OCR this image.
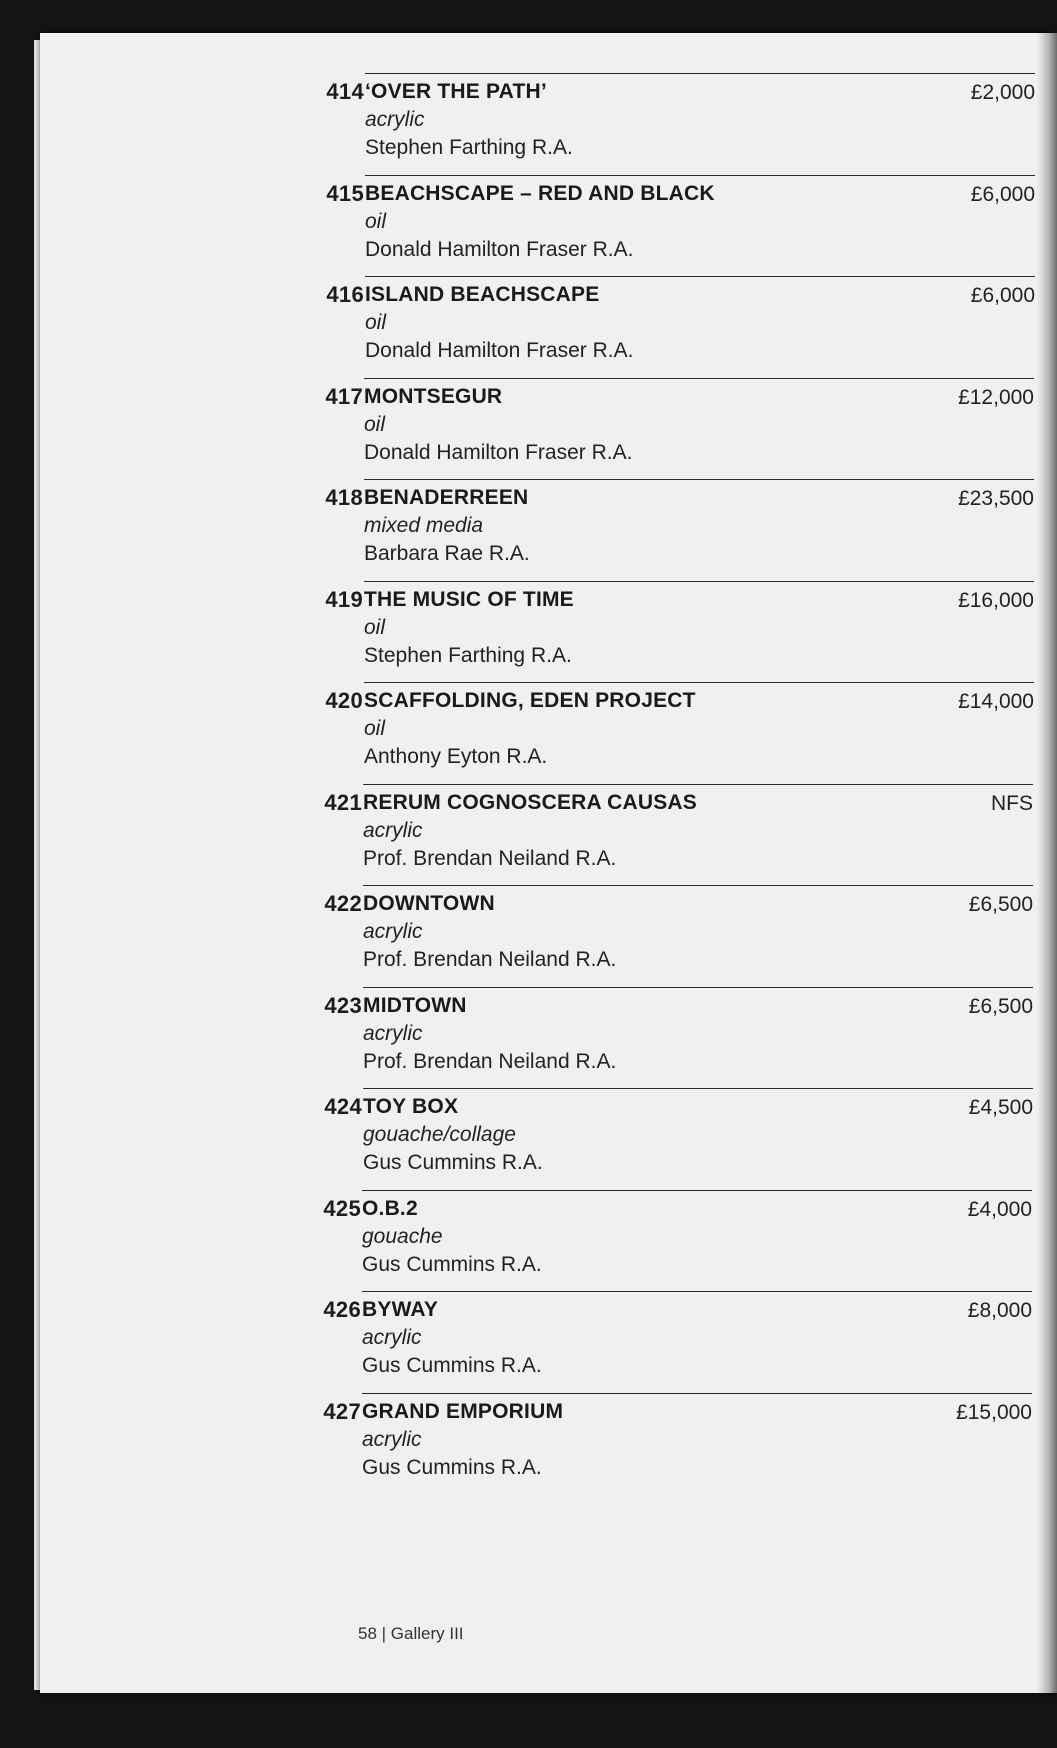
414 ‘OVER THE PATH’
acrylic
Stephen Farthing R.A.
£2,000
415 BEACHSCAPE – RED AND BLACK
oil
Donald Hamilton Fraser R.A.
£6,000
416 ISLAND BEACHSCAPE
oil
Donald Hamilton Fraser R.A.
£6,000
417 MONTSEGUR
oil
Donald Hamilton Fraser R.A.
£12,000
418 BENADERREEN
mixed media
Barbara Rae R.A.
£23,500
419 THE MUSIC OF TIME
oil
Stephen Farthing R.A.
£16,000
420 SCAFFOLDING, EDEN PROJECT
oil
Anthony Eyton R.A.
£14,000
421 RERUM COGNOSCERA CAUSAS
acrylic
Prof. Brendan Neiland R.A.
NFS
422 DOWNTOWN
acrylic
Prof. Brendan Neiland R.A.
£6,500
423 MIDTOWN
acrylic
Prof. Brendan Neiland R.A.
£6,500
424 TOY BOX
gouache/collage
Gus Cummins R.A.
£4,500
425 O.B.2
gouache
Gus Cummins R.A.
£4,000
426 BYWAY
acrylic
Gus Cummins R.A.
£8,000
427 GRAND EMPORIUM
acrylic
Gus Cummins R.A.
£15,000
58 | Gallery III
